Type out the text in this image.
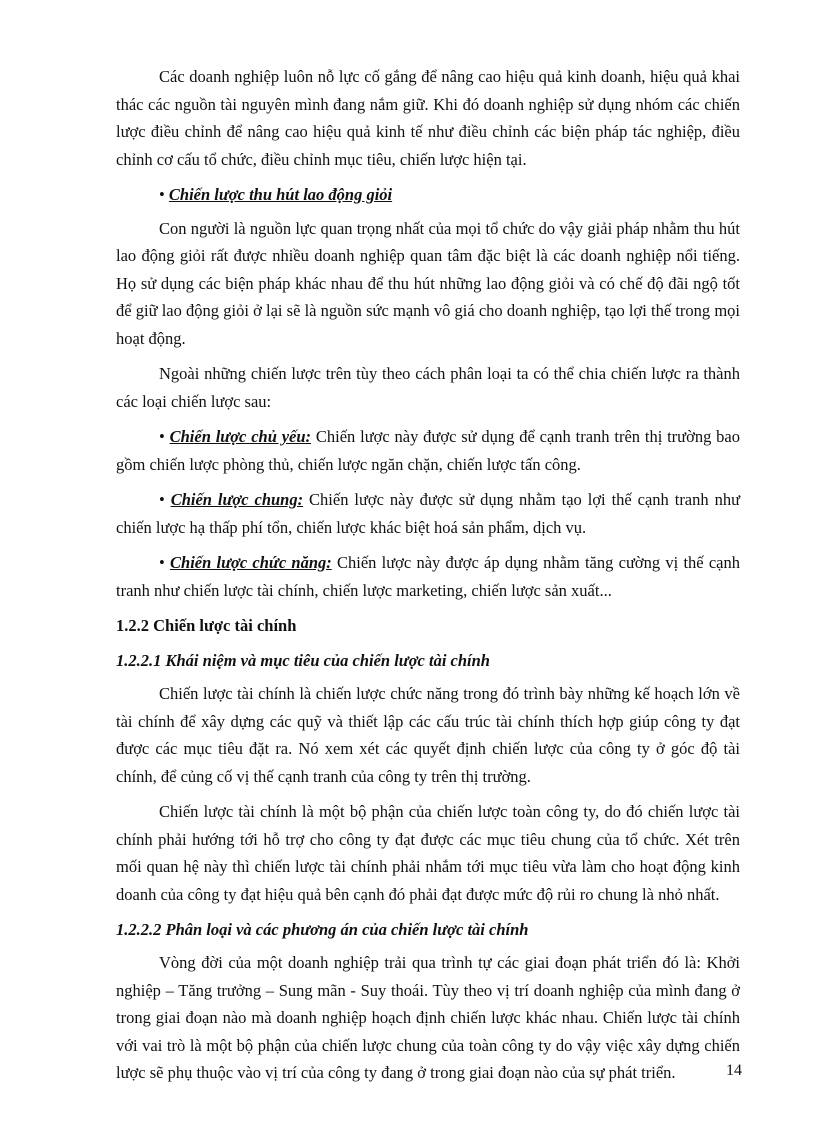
Các doanh nghiệp luôn nỗ lực cố gắng để nâng cao hiệu quả kinh doanh, hiệu quả khai thác các nguồn tài nguyên mình đang nắm giữ. Khi đó doanh nghiệp sử dụng nhóm các chiến lược điều chỉnh để nâng cao hiệu quả kinh tế như điều chỉnh các biện pháp tác nghiệp, điều chỉnh cơ cấu tổ chức, điều chỉnh mục tiêu, chiến lược hiện tại.

• Chiến lược thu hút lao động giỏi

Con người là nguồn lực quan trọng nhất của mọi tổ chức do vậy giải pháp nhằm thu hút lao động giỏi rất được nhiều doanh nghiệp quan tâm đặc biệt là các doanh nghiệp nổi tiếng. Họ sử dụng các biện pháp khác nhau để thu hút những lao động giỏi và có chế độ đãi ngộ tốt để giữ lao động giỏi ở lại sẽ là nguồn sức mạnh vô giá cho doanh nghiệp, tạo lợi thế trong mọi hoạt động.

Ngoài những chiến lược trên tùy theo cách phân loại ta có thể chia chiến lược ra thành các loại chiến lược sau:

• Chiến lược chủ yếu: Chiến lược này được sử dụng để cạnh tranh trên thị trường bao gồm chiến lược phòng thủ, chiến lược ngăn chặn, chiến lược tấn công.

• Chiến lược chung: Chiến lược này được sử dụng nhằm tạo lợi thế cạnh tranh như chiến lược hạ thấp phí tổn, chiến lược khác biệt hoá sản phẩm, dịch vụ.

• Chiến lược chức năng: Chiến lược này được áp dụng nhằm tăng cường vị thế cạnh tranh như chiến lược tài chính, chiến lược marketing, chiến lược sản xuất...

1.2.2 Chiến lược tài chính
1.2.2.1 Khái niệm và mục tiêu của chiến lược tài chính

Chiến lược tài chính là chiến lược chức năng trong đó trình bày những kế hoạch lớn về tài chính để xây dựng các quỹ và thiết lập các cấu trúc tài chính thích hợp giúp công ty đạt được các mục tiêu đặt ra. Nó xem xét các quyết định chiến lược của công ty ở góc độ tài chính, để củng cố vị thế cạnh tranh của công ty trên thị trường.

Chiến lược tài chính là một bộ phận của chiến lược toàn công ty, do đó chiến lược tài chính phải hướng tới hỗ trợ cho công ty đạt được các mục tiêu chung của tổ chức. Xét trên mối quan hệ này thì chiến lược tài chính phải nhắm tới mục tiêu vừa làm cho hoạt động kinh doanh của công ty đạt hiệu quả bên cạnh đó phải đạt được mức độ rủi ro chung là nhỏ nhất.

1.2.2.2 Phân loại và các phương án của chiến lược tài chính

Vòng đời của một doanh nghiệp trải qua trình tự các giai đoạn phát triển đó là: Khởi nghiệp – Tăng trưởng – Sung mãn - Suy thoái. Tùy theo vị trí doanh nghiệp của mình đang ở trong giai đoạn nào mà doanh nghiệp hoạch định chiến lược khác nhau. Chiến lược tài chính với vai trò là một bộ phận của chiến lược chung của toàn công ty do vậy việc xây dựng chiến lược sẽ phụ thuộc vào vị trí của công ty đang ở trong giai đoạn nào của sự phát triển.	14
